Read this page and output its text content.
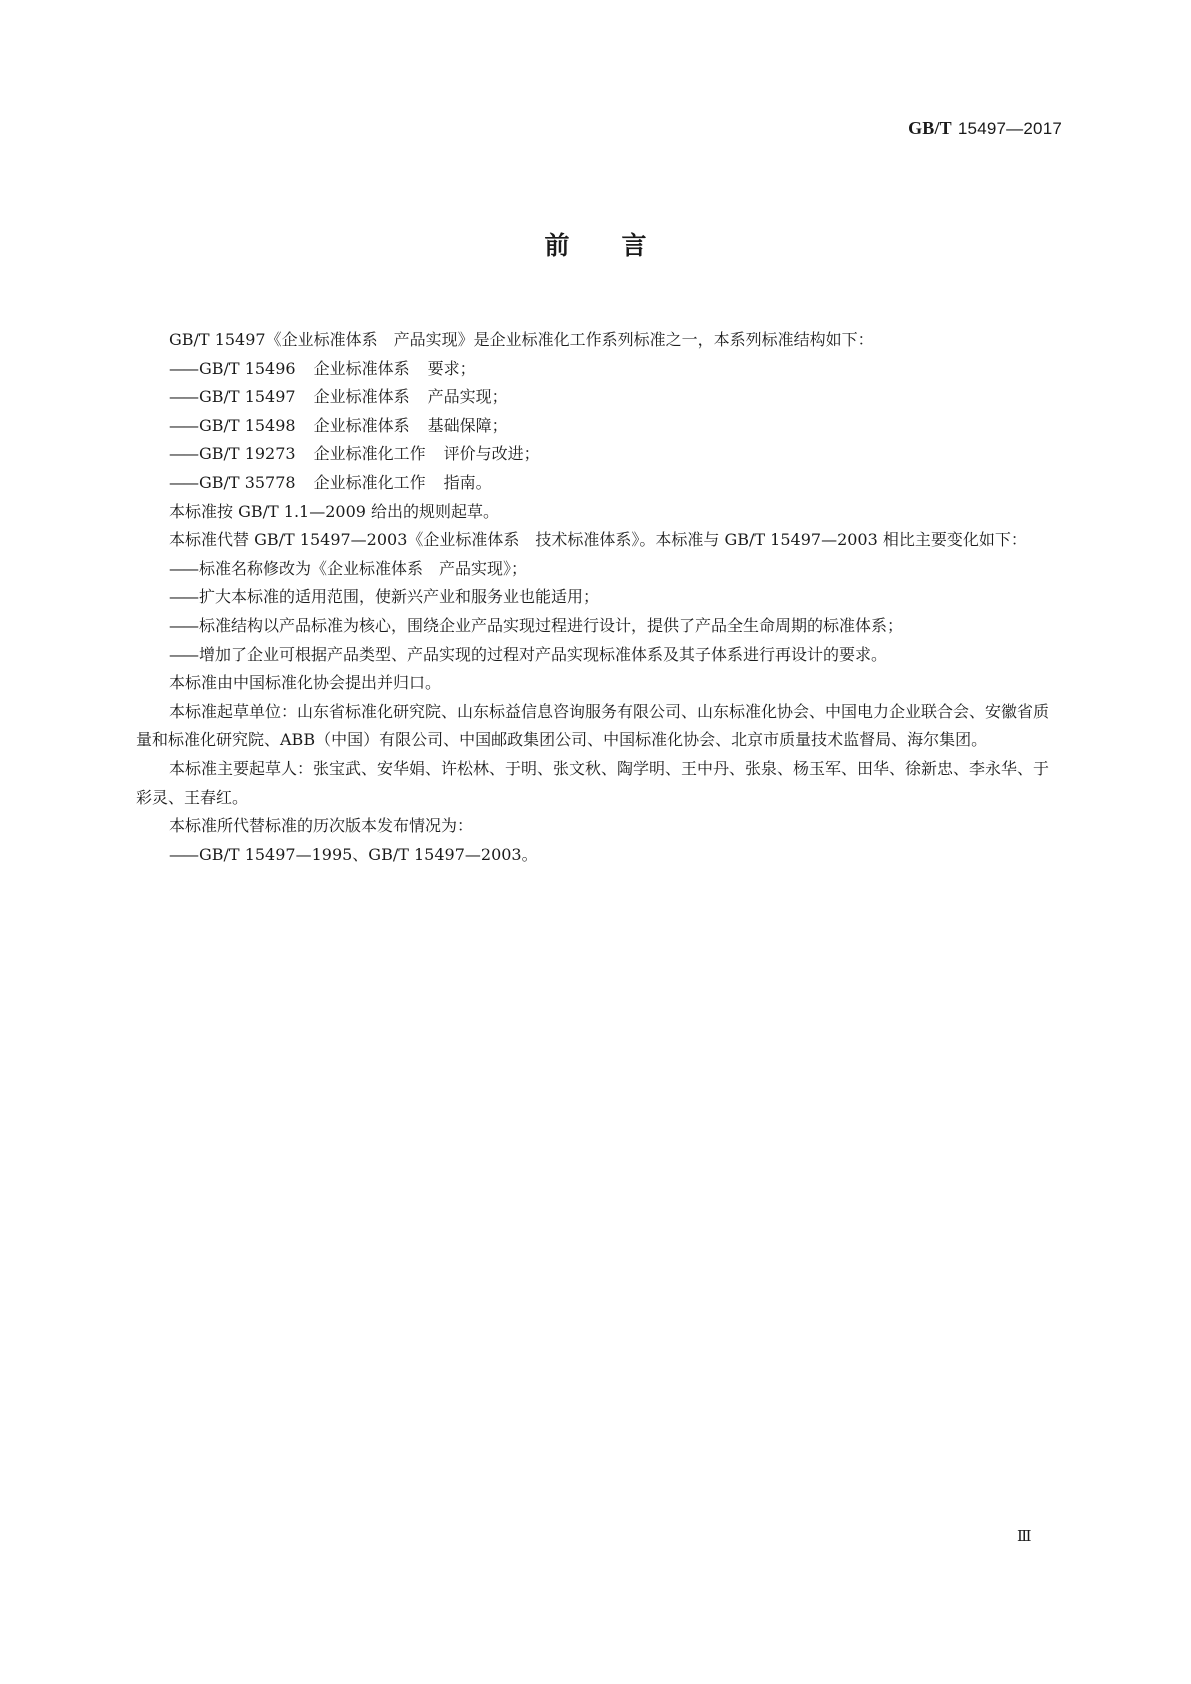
GB/T 15497—2017
前 言
GB/T 15497《企业标准体系　产品实现》是企业标准化工作系列标准之一，本系列标准结构如下：
—— GB/T 15496 企业标准体系 要求；
—— GB/T 15497 企业标准体系 产品实现；
—— GB/T 15498 企业标准体系 基础保障；
—— GB/T 19273 企业标准化工作 评价与改进；
—— GB/T 35778 企业标准化工作 指南。
本标准按 GB/T 1.1—2009 给出的规则起草。
本标准代替 GB/T 15497—2003《企业标准体系　技术标准体系》。本标准与 GB/T 15497—2003 相比主要变化如下：
—— 标准名称修改为《企业标准体系　产品实现》；
—— 扩大本标准的适用范围，使新兴产业和服务业也能适用；
—— 标准结构以产品标准为核心，围绕企业产品实现过程进行设计，提供了产品全生命周期的标准体系；
—— 增加了企业可根据产品类型、产品实现的过程对产品实现标准体系及其子体系进行再设计的要求。
本标准由中国标准化协会提出并归口。
本标准起草单位：山东省标准化研究院、山东标益信息咨询服务有限公司、山东标准化协会、中国电力企业联合会、安徽省质量和标准化研究院、ABB（中国）有限公司、中国邮政集团公司、中国标准化协会、北京市质量技术监督局、海尔集团。
本标准主要起草人：张宝武、安华娟、许松林、于明、张文秋、陶学明、王中丹、张泉、杨玉军、田华、徐新忠、李永华、于彩灵、王春红。
本标准所代替标准的历次版本发布情况为：
—— GB/T 15497—1995、GB/T 15497—2003。
Ⅲ
